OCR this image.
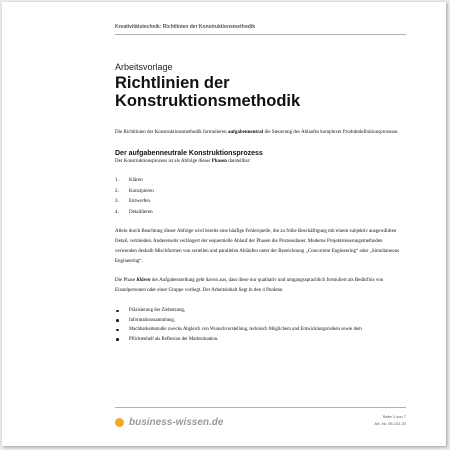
Kreativitätstechnik: Richtlinien der Konstruktionsmethodik
Arbeitsvorlage
Richtlinien der
Konstruktionsmethodik

Die Richtlinien der Konstruktionsmethodik formulieren aufgabenneutral die Steuerung des Ablaufes komplexer Produktdefinitionsprozesse.

Der aufgabenneutrale Konstruktionsprozess

Der Konstruktionsprozess ist als Abfolge dieser Phasen darstellbar:

1. Klären
2. Konzipieren
3. Entwerfen
4. Detaillieren

Allein durch Beachtung dieser Abfolge wird bereits eine häufige Fehlerquelle, die zu frühe Beschäftigung mit einem subjektiv ausgewählten Detail, vermieden. Andererseits verlängert der sequentielle Ablauf der Phasen die Prozessdauer. Moderne Projektsteuerungsmethoden verwenden deshalb Mischformen von seriellen und parallelen Abläufen unter der Bezeichnung „Concurrent Engineering“ oder „Simultaneous Engineering“.

Die Phase Klären der Aufgabenstellung geht davon aus, dass diese nur qualitativ und umgangssprachlich formuliert als Bedürfnis von Einzelpersonen oder einer Gruppe vorliegt. Der Arbeitsinhalt liegt in den 4 Punkten

Präzisierung der Zielsetzung,
Informationssammlung,
Machbarkeitsstudie zwecks Abgleich von Wunschvorstellung, technisch Möglichem und Entwicklungsrisiken sowie dem
Pflichtenheft als Reflexion der Marktsituation.
business-wissen.de
Seite 1 von 7
Art.-Nr. 06.101.20
